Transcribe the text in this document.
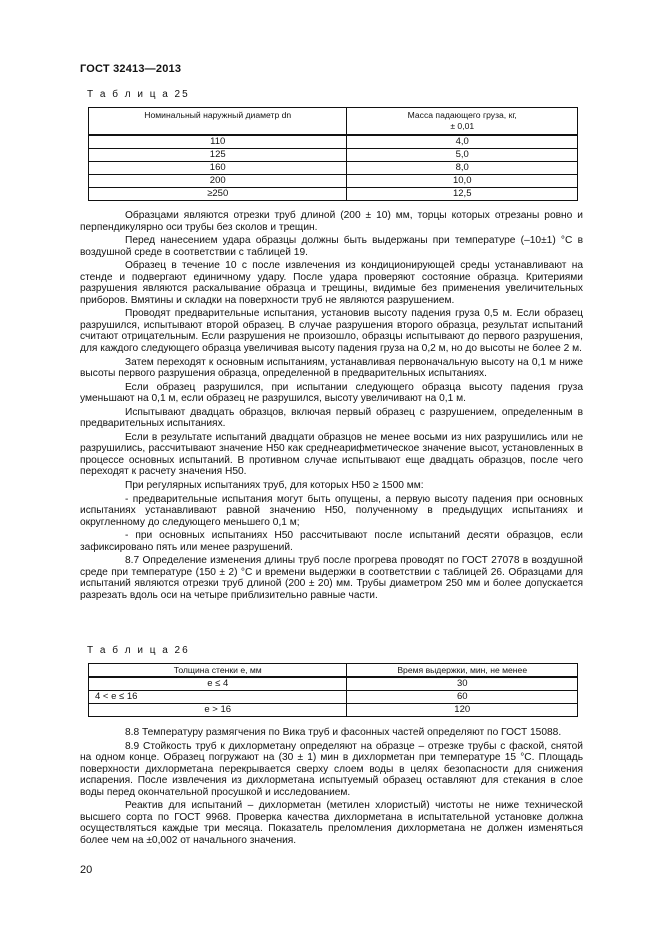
ГОСТ 32413—2013
Т а б л и ц а 25
Номинальный наружный диаметр dn	Масса падающего груза, кг,
± 0,01

110	4,0
125	5,0
160	8,0
200	10,0
≥250	12,5

Образцами являются отрезки труб длиной (200 ± 10) мм, торцы которых отрезаны ровно и перпендикулярно оси трубы без сколов и трещин.

Перед нанесением удара образцы должны быть выдержаны при температуре (–10±1) °С в воздушной среде в соответствии с таблицей 19.

Образец в течение 10 с после извлечения из кондиционирующей среды устанавливают на стенде и подвергают единичному удару. После удара проверяют состояние образца. Критериями разрушения являются раскалывание образца и трещины, видимые без применения увеличительных приборов. Вмятины и складки на поверхности труб не являются разрушением.

Проводят предварительные испытания, установив высоту падения груза 0,5 м. Если образец разрушился, испытывают второй образец. В случае разрушения второго образца, результат испытаний считают отрицательным. Если разрушения не произошло, образцы испытывают до первого разрушения, для каждого следующего образца увеличивая высоту падения груза на 0,2 м, но до высоты не более 2 м.

Затем переходят к основным испытаниям, устанавливая первоначальную высоту на 0,1 м ниже высоты первого разрушения образца, определенной в предварительных испытаниях.

Если образец разрушился, при испытании следующего образца высоту падения груза уменьшают на 0,1 м, если образец не разрушился, высоту увеличивают на 0,1 м.

Испытывают двадцать образцов, включая первый образец с разрушением, определенным в предварительных испытаниях.

Если в результате испытаний двадцати образцов не менее восьми из них разрушились или не разрушились, рассчитывают значение Н50 как среднеарифметическое значение высот, установленных в процессе основных испытаний. В противном случае испытывают еще двадцать образцов, после чего переходят к расчету значения Н50.

При регулярных испытаниях труб, для которых Н50 ≥ 1500 мм:

- предварительные испытания могут быть опущены, а первую высоту падения при основных испытаниях устанавливают равной значению Н50, полученному в предыдущих испытаниях и округленному до следующего меньшего 0,1 м;

- при основных испытаниях Н50 рассчитывают после испытаний десяти образцов, если зафиксировано пять или менее разрушений.

8.7 Определение изменения длины труб после прогрева проводят по ГОСТ 27078 в воздушной среде при температуре (150 ± 2) °С и времени выдержки в соответствии с таблицей 26. Образцами для испытаний являются отрезки труб длиной (200 ± 20) мм. Трубы диаметром 250 мм и более допускается разрезать вдоль оси на четыре приблизительно равные части.

Т а б л и ц а 26
Толщина стенки е, мм	Время выдержки, мин, не менее
е ≤ 4	30
4 < е ≤ 16	60
е > 16	120

8.8 Температуру размягчения по Вика труб и фасонных частей определяют по ГОСТ 15088.

8.9 Стойкость труб к дихлорметану определяют на образце – отрезке трубы с фаской, снятой на одном конце. Образец погружают на (30 ± 1) мин в дихлорметан при температуре 15 °С. Площадь поверхности дихлорметана перекрывается сверху слоем воды в целях безопасности для снижения испарения. После извлечения из дихлорметана испытуемый образец оставляют для стекания в слое воды перед окончательной просушкой и исследованием.

Реактив для испытаний – дихлорметан (метилен хлористый) чистоты не ниже технической высшего сорта по ГОСТ 9968. Проверка качества дихлорметана в испытательной установке должна осуществляться каждые три месяца. Показатель преломления дихлорметана не должен изменяться более чем на ±0,002 от начального значения.

20
